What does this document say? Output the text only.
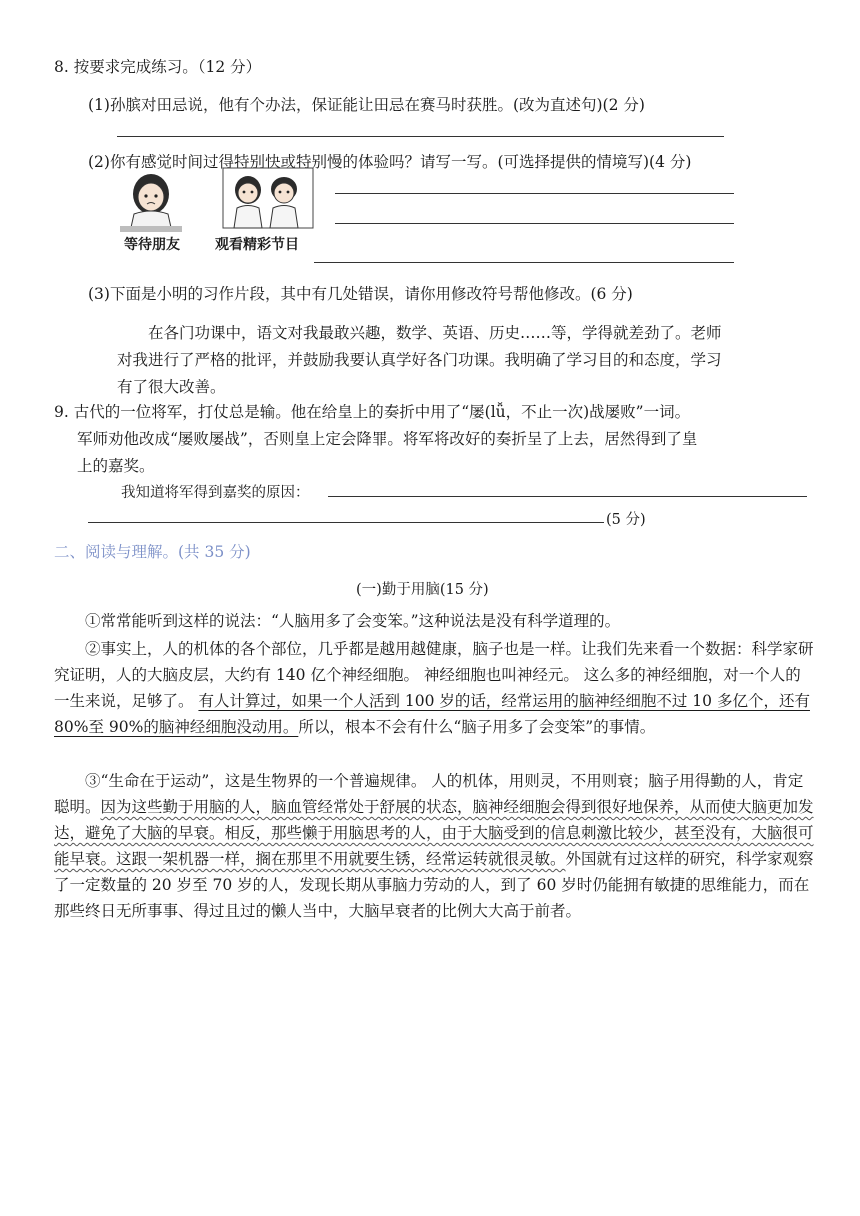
8. 按要求完成练习。（12 分）
(1)孙膑对田忌说，他有个办法，保证能让田忌在赛马时获胜。(改为直述句)(2 分)
(2)你有感觉时间过得特别快或特别慢的体验吗？请写一写。(可选择提供的情境写)(4 分)
等待朋友	观看精彩节目
(3)下面是小明的习作片段，其中有几处错误，请你用修改符号帮他修改。(6 分)
在各门功课中，语文对我最敢兴趣，数学、英语、历史……等，学得就差劲了。老师
对我进行了严格的批评，并鼓励我要认真学好各门功课。我明确了学习目的和态度，学习
有了很大改善。
9. 古代的一位将军，打仗总是输。他在给皇上的奏折中用了“屡(lǚ，不止一次)战屡败”一词。
军师劝他改成“屡败屡战”，否则皇上定会降罪。将军将改好的奏折呈了上去，居然得到了皇
上的嘉奖。
我知道将军得到嘉奖的原因：
(5 分)
二、阅读与理解。(共 35 分)
(一)勤于用脑(15 分)
①常常能听到这样的说法：“人脑用多了会变笨。”这种说法是没有科学道理的。
②事实上，人的机体的各个部位，几乎都是越用越健康，脑子也是一样。让我们先来看一个数据：科学家研究证明，人的大脑皮层，大约有 140 亿个神经细胞。 神经细胞也叫神经元。 这么多的神经细胞，对一个人的一生来说，足够了。 有人计算过，如果一个人活到 100 岁的话，经常运用的脑神经细胞不过 10 多亿个，还有 80%至 90%的脑神经细胞没动用。所以，根本不会有什么“脑子用多了会变笨”的事情。
③“生命在于运动”，这是生物界的一个普遍规律。 人的机体，用则灵，不用则衰；脑子用得勤的人，肯定聪明。因为这些勤于用脑的人，脑血管经常处于舒展的状态，脑神经细胞会得到很好地保养，从而使大脑更加发达，避免了大脑的早衰。相反，那些懒于用脑思考的人，由于大脑受到的信息刺激比较少，甚至没有，大脑很可能早衰。这跟一架机器一样，搁在那里不用就要生锈，经常运转就很灵敏。外国就有过这样的研究，科学家观察了一定数量的 20 岁至 70 岁的人，发现长期从事脑力劳动的人，到了 60 岁时仍能拥有敏捷的思维能力，而在那些终日无所事事、得过且过的懒人当中，大脑早衰者的比例大大高于前者。
